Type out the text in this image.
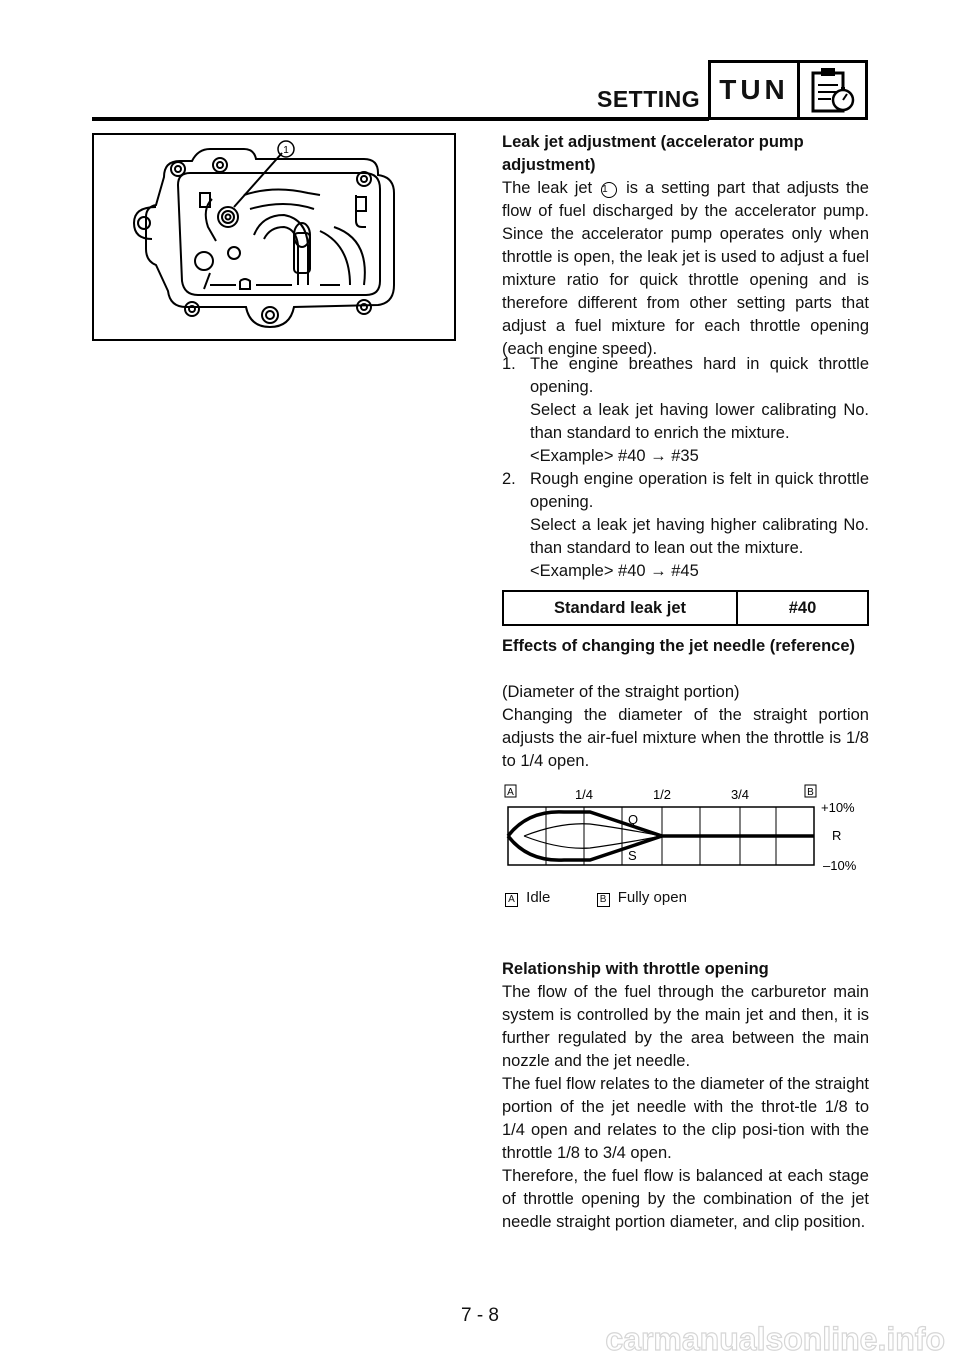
SETTING TUN
1	Leak jet adjustment (accelerator pump adjustment)
The leak jet 1 is a setting part that adjusts the flow of fuel discharged by the accelerator pump. Since the accelerator pump operates only when throttle is open, the leak jet is used to adjust a fuel mixture ratio for quick throttle opening and is therefore different from other setting parts that adjust a fuel mixture for each throttle opening (each engine speed).
1. The engine breathes hard in quick throttle opening.
Select a leak jet having lower calibrating No. than standard to enrich the mixture.
<Example> #40 → #35
2. Rough engine operation is felt in quick throttle opening.
Select a leak jet having higher calibrating No. than standard to lean out the mixture.
<Example> #40 → #45
Standard leak jet	#40
Effects of changing the jet needle (reference)
(Diameter of the straight portion)
Changing the diameter of the straight portion adjusts the air-fuel mixture when the throttle is 1/8 to 1/4 open.
A	B
1/4	1/2	3/4
+10%
R
–10%
Q
S
A Idle	B Fully open
Relationship with throttle opening
The flow of the fuel through the carburetor main system is controlled by the main jet and then, it is further regulated by the area between the main nozzle and the jet needle.
The fuel flow relates to the diameter of the straight portion of the jet needle with the throt-tle 1/8 to 1/4 open and relates to the clip posi-tion with the throttle 1/8 to 3/4 open.
Therefore, the fuel flow is balanced at each stage of throttle opening by the combination of the jet needle straight portion diameter, and clip position.
7 - 8
carmanualsonline.info
